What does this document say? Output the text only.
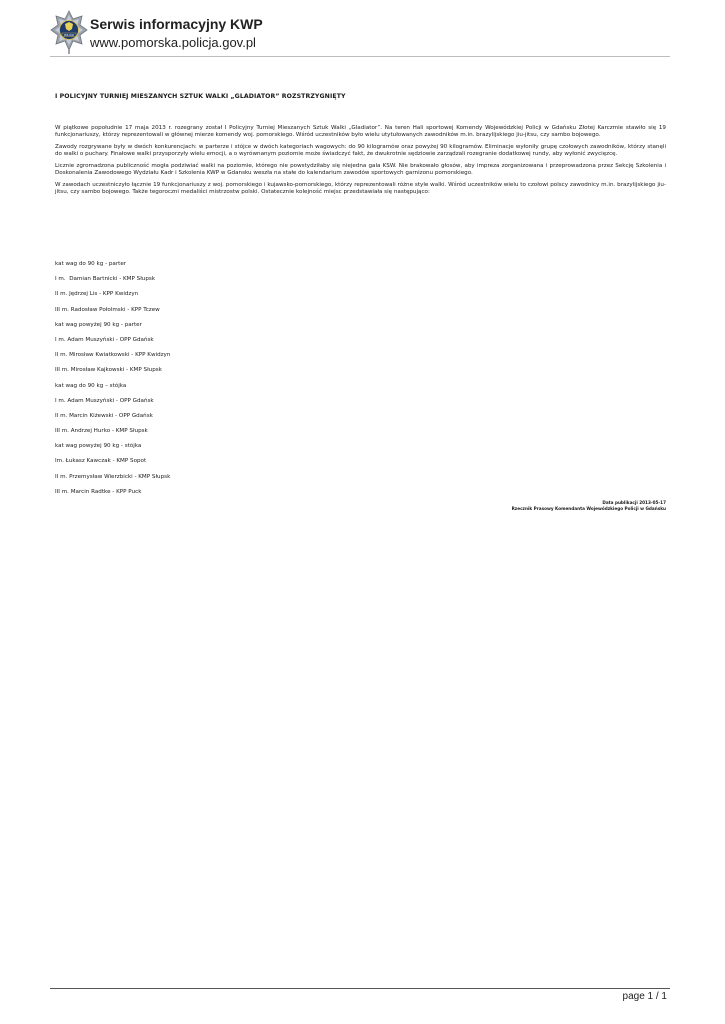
POLICJA
Serwis informacyjny KWP
www.pomorska.policja.gov.pl
I POLICYJNY TURNIEJ MIESZANYCH SZTUK WALKI „GLADIATOR” ROZSTRZYGNIĘTY

W piątkowe popołudnie 17 maja 2013 r. rozegrany został I Policyjny Turniej Mieszanych Sztuk Walki „Gladiator”. Na teren Hali sportowej Komendy Wojewódzkiej Policji w Gdańsku Złotej Karczmie stawiło się 19 funkcjonariuszy, którzy reprezentowali w głównej mierze komendy woj. pomorskiego. Wśród uczestników było wielu utytułowanych zawodników m.in. brazylijskiego jiu-jitsu, czy sambo bojowego.

Zawody rozgrywane były w dwóch konkurencjach: w parterze i stójce w dwóch kategoriach wagowych: do 90 kilogramów oraz powyżej 90 kilogramów. Eliminacje wyłoniły grupę czołowych zawodników, którzy stanęli do walki o puchary. Finałowe walki przysporzyły wielu emocji, a o wyrównanym poziomie może świadczyć fakt, że dwukrotnie sędziowie zarządzali rozegranie dodatkowej rundy, aby wyłonić zwycięzcę.

Licznie zgromadzona publiczność mogła podziwiać walki na poziomie, którego nie powstydziłaby się niejedna gala KSW. Nie brakowało głosów, aby impreza zorganizowana i przeprowadzona przez Sekcję Szkolenia i Doskonalenia Zawodowego Wydziału Kadr i Szkolenia KWP w Gdansku weszła na stałe do kalendarium zawodów sportowych garnizonu pomorskiego.

W zawodach uczestniczyło łącznie 19 funkcjonariuszy z woj. pomorskiego i kujawsko-pomorskiego, którzy reprezentowali różne style walki. Wśród uczestników wielu to czołowi polscy zawodnicy m.in. brazylijskiego jiu-jitsu, czy sambo bojowego. Także tegoroczni medaliści mistrzostw polski. Ostatecznie kolejność miejsc przedstawiała się następująco:

kat wag do 90 kg - parter
I m.  Damian Bartnicki - KMP Słupsk
II m. Jędrzej Lis - KPP Kwidzyn
III m. Radosław Połolmski - KPP Tczew
kat wag powyżej 90 kg - parter
I m. Adam Muszyński - OPP Gdańsk
II m. Mirosław Kwiatkowski - KPP Kwidzyn
III m. Mirosław Kajkowski - KMP Słupsk
kat wag do 90 kg – stójka
I m. Adam Muszyński - OPP Gdańsk
II m. Marcin Kiżewski - OPP Gdańsk
III m. Andrzej Hurko - KMP Słupsk
kat wag powyżej 90 kg - stójka
Im. Łukasz Kawczak - KMP Sopot
II m. Przemysław Wierzbicki - KMP Słupsk
III m. Marcin Radtke - KPP Puck
Data publikacji 2013-05-17
Rzecznik Prasowy Komendanta Wojewódzkiego Policji w Gdańsku
page 1 / 1
